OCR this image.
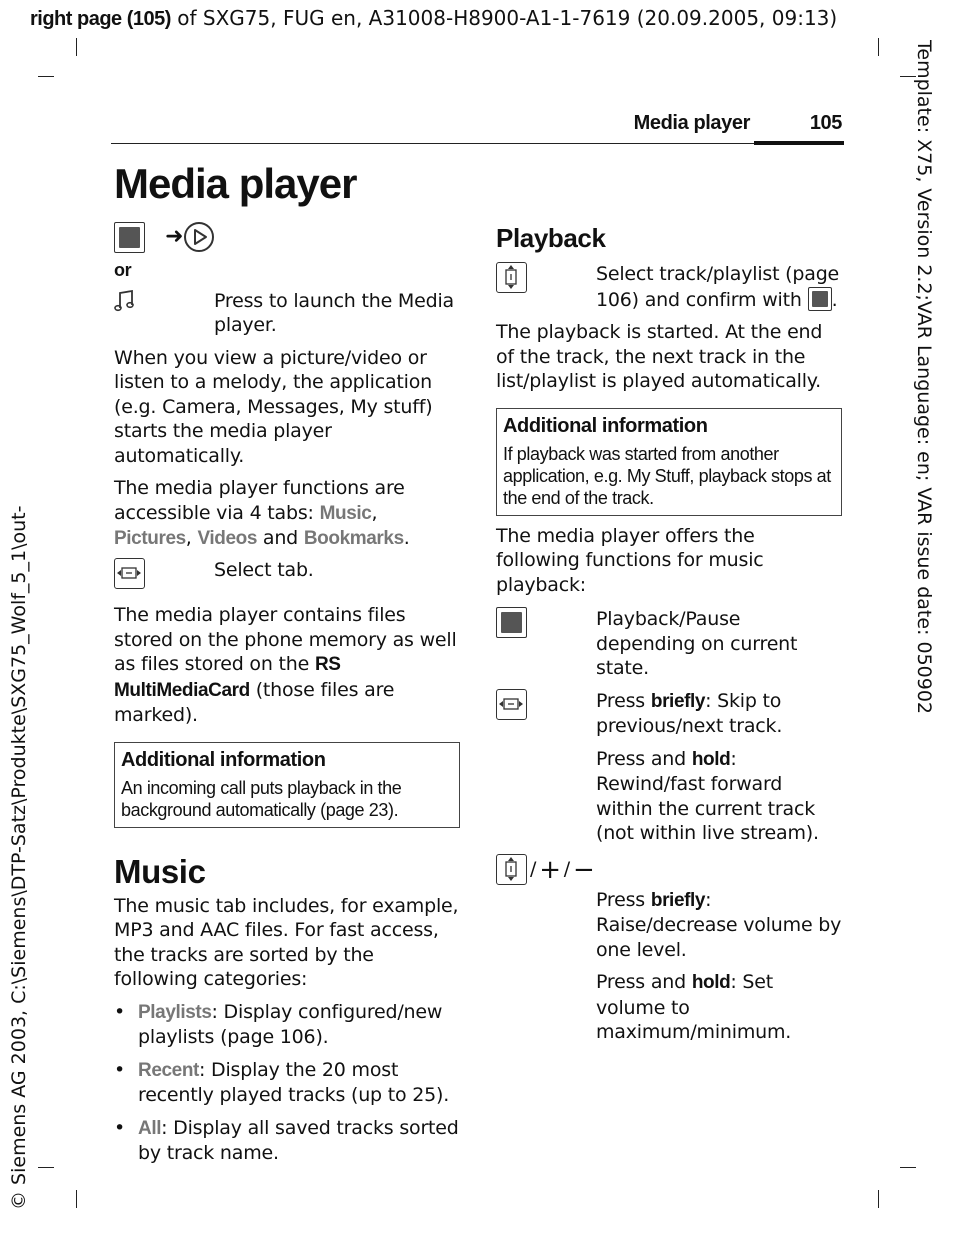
right page (105) of SXG75, FUG en, A31008-H8900-A1-1-7619 (20.09.2005, 09:13)
Template: X75, Version 2.2;VAR Language: en; VAR issue date: 050902
© Siemens AG 2003, C:\Siemens\DTP-Satz\Produkte\SXG75_Wolf_5_1\out-
Media player	105
Media player
➜
or
Press to launch the Media player.

When you view a picture/video or listen to a melody, the application (e.g. Camera, Messages, My stuff) starts the media player automatically.

The media player functions are accessible via 4 tabs: Music, Pictures, Videos and Bookmarks.

Select tab.

The media player contains files stored on the phone memory as well as files stored on the RS MultiMediaCard (those files are marked).

Additional information
An incoming call puts playback in the background automatically (page 23).
Music

The music tab includes, for example, MP3 and AAC files. For fast access, the tracks are sorted by the following categories:

• Playlists: Display configured/new playlists (page 106).
• Recent: Display the 20 most recently played tracks (up to 25).
• All: Display all saved tracks sorted by track name.
Playback
Select track/playlist (page 106) and confirm with .

The playback is started. At the end of the track, the next track in the list/playlist is played automatically.

Additional information
If playback was started from another application, e.g. My Stuff, playback stops at the end of the track.

The media player offers the following functions for music playback:

Playback/Pause depending on current state.
Press briefly: Skip to previous/next track.
Press and hold: Rewind/fast forward within the current track (not within live stream).
/ + / −
Press briefly: Raise/decrease volume by one level.
Press and hold: Set volume to maximum/minimum.
